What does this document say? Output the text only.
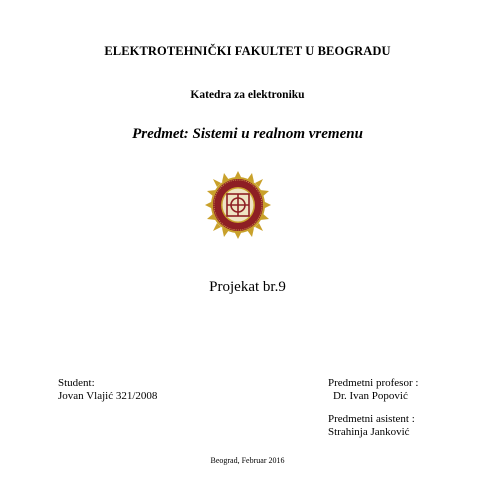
ELEKTROTEHNIČKI FAKULTET U BEOGRADU
Katedra za elektroniku
Predmet: Sistemi u realnom vremenu
Projekat br.9
Student:
Jovan Vlajić 321/2008
Predmetni profesor :
Dr. Ivan Popović
Predmetni asistent :
Strahinja Janković
Beograd, Februar 2016
